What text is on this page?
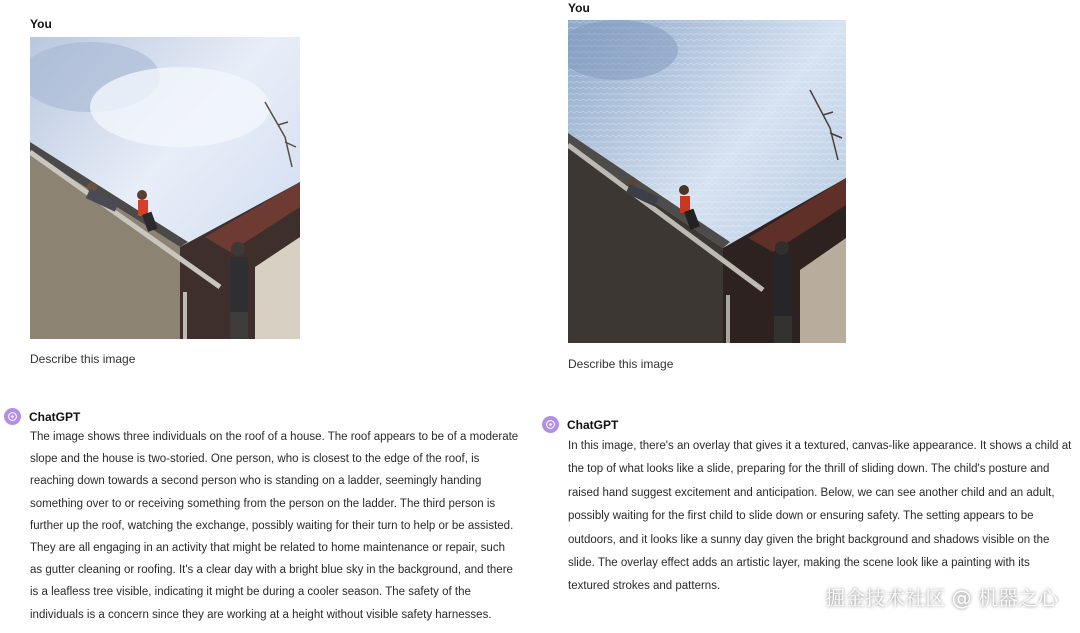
You
Describe this image
ChatGPT

The image shows three individuals on the roof of a house. The roof appears to be of a moderate slope and the house is two-storied. One person, who is closest to the edge of the roof, is reaching down towards a second person who is standing on a ladder, seemingly handing something over to or receiving something from the person on the ladder. The third person is further up the roof, watching the exchange, possibly waiting for their turn to help or be assisted. They are all engaging in an activity that might be related to home maintenance or repair, such as gutter cleaning or roofing. It's a clear day with a bright blue sky in the background, and there is a leafless tree visible, indicating it might be during a cooler season. The safety of the individuals is a concern since they are working at a height without visible safety harnesses.

You
Describe this image
ChatGPT

In this image, there's an overlay that gives it a textured, canvas-like appearance. It shows a child at the top of what looks like a slide, preparing for the thrill of sliding down. The child's posture and raised hand suggest excitement and anticipation. Below, we can see another child and an adult, possibly waiting for the first child to slide down or ensuring safety. The setting appears to be outdoors, and it looks like a sunny day given the bright background and shadows visible on the slide. The overlay effect adds an artistic layer, making the scene look like a painting with its textured strokes and patterns.	掘金技术社区 @ 机器之心
